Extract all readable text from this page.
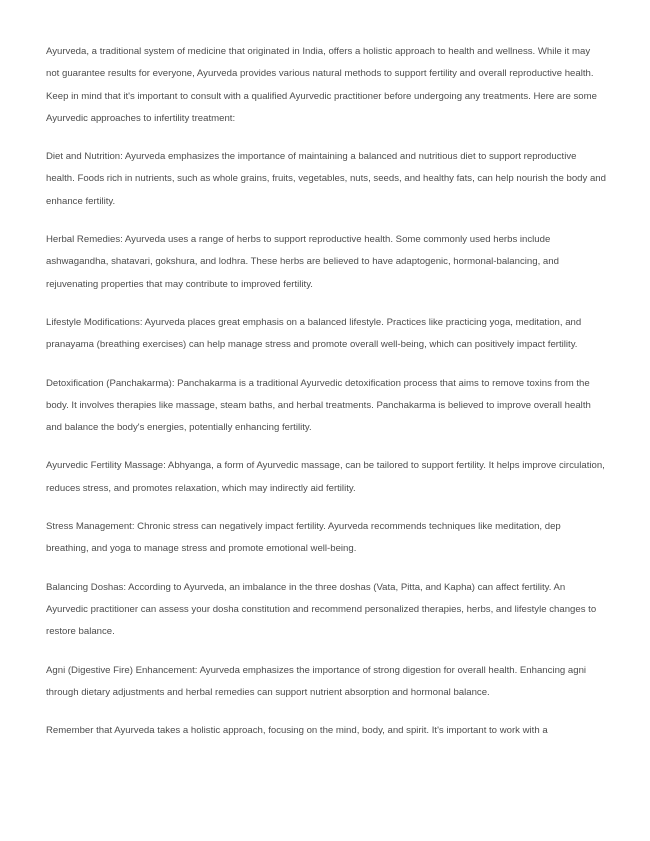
Ayurveda, a traditional system of medicine that originated in India, offers a holistic approach to health and wellness. While it may not guarantee results for everyone, Ayurveda provides various natural methods to support fertility and overall reproductive health. Keep in mind that it's important to consult with a qualified Ayurvedic practitioner before undergoing any treatments. Here are some Ayurvedic approaches to infertility treatment:

Diet and Nutrition: Ayurveda emphasizes the importance of maintaining a balanced and nutritious diet to support reproductive health. Foods rich in nutrients, such as whole grains, fruits, vegetables, nuts, seeds, and healthy fats, can help nourish the body and enhance fertility.

Herbal Remedies: Ayurveda uses a range of herbs to support reproductive health. Some commonly used herbs include ashwagandha, shatavari, gokshura, and lodhra. These herbs are believed to have adaptogenic, hormonal-balancing, and rejuvenating properties that may contribute to improved fertility.

Lifestyle Modifications: Ayurveda places great emphasis on a balanced lifestyle. Practices like practicing yoga, meditation, and pranayama (breathing exercises) can help manage stress and promote overall well-being, which can positively impact fertility.

Detoxification (Panchakarma): Panchakarma is a traditional Ayurvedic detoxification process that aims to remove toxins from the body. It involves therapies like massage, steam baths, and herbal treatments. Panchakarma is believed to improve overall health and balance the body's energies, potentially enhancing fertility.

Ayurvedic Fertility Massage: Abhyanga, a form of Ayurvedic massage, can be tailored to support fertility. It helps improve circulation, reduces stress, and promotes relaxation, which may indirectly aid fertility.

Stress Management: Chronic stress can negatively impact fertility. Ayurveda recommends techniques like meditation, dep breathing, and yoga to manage stress and promote emotional well-being.

Balancing Doshas: According to Ayurveda, an imbalance in the three doshas (Vata, Pitta, and Kapha) can affect fertility. An Ayurvedic practitioner can assess your dosha constitution and recommend personalized therapies, herbs, and lifestyle changes to restore balance.

Agni (Digestive Fire) Enhancement: Ayurveda emphasizes the importance of strong digestion for overall health. Enhancing agni through dietary adjustments and herbal remedies can support nutrient absorption and hormonal balance.

Remember that Ayurveda takes a holistic approach, focusing on the mind, body, and spirit. It's important to work with a
